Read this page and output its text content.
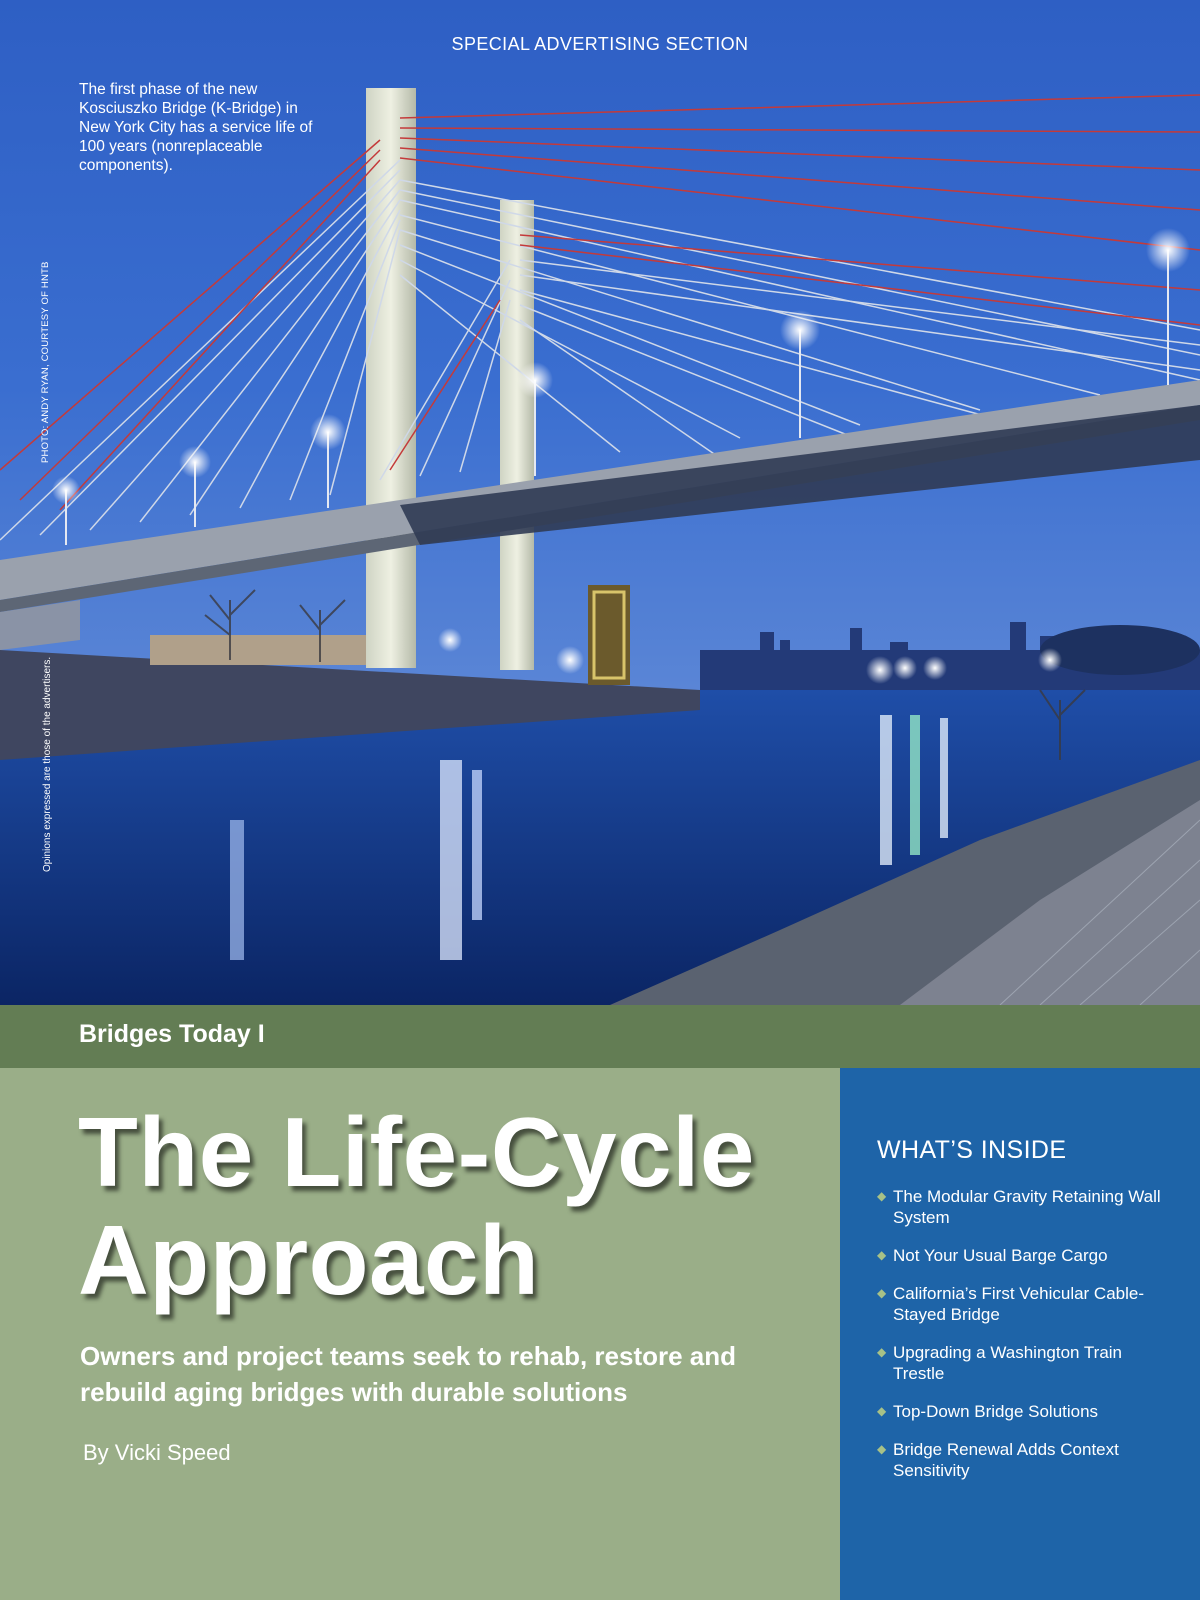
SPECIAL ADVERTISING SECTION
The first phase of the new Kosciuszko Bridge (K-Bridge) in New York City has a service life of 100 years (nonreplaceable components).
PHOTO: ANDY RYAN, COURTESY OF HNTB
Opinions expressed are those of the advertisers.
Bridges Today I
The Life-Cycle
Approach

Owners and project teams seek to rehab, restore and rebuild aging bridges with durable solutions

By Vicki Speed
WHAT’S INSIDE
◆ The Modular Gravity Retaining Wall System
◆ Not Your Usual Barge Cargo
◆ California’s First Vehicular Cable-Stayed Bridge
◆ Upgrading a Washington Train Trestle
◆ Top-Down Bridge Solutions
◆ Bridge Renewal Adds Context Sensitivity
